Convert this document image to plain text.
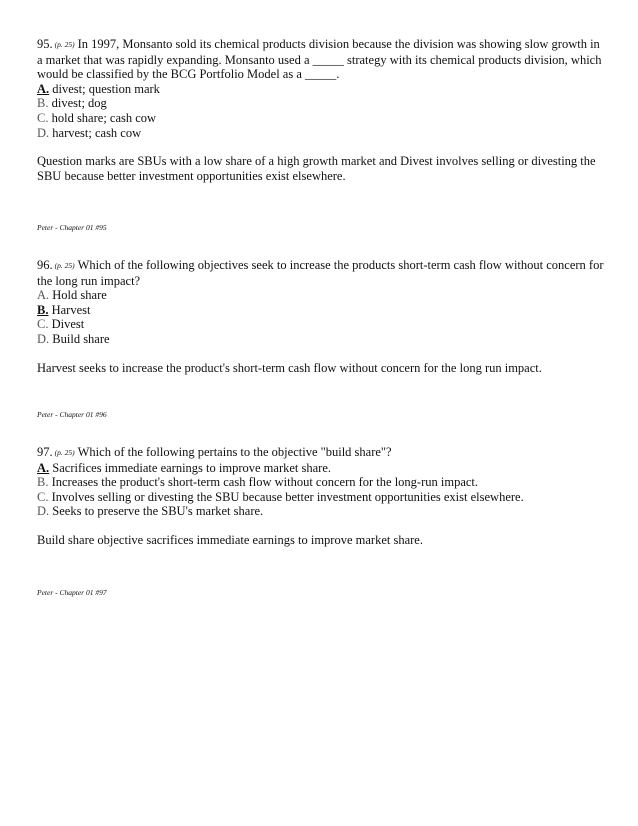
95. (p. 25) In 1997, Monsanto sold its chemical products division because the division was showing slow growth in a market that was rapidly expanding. Monsanto used a _____ strategy with its chemical products division, which would be classified by the BCG Portfolio Model as a _____.

A. divest; question mark

B. divest; dog

C. hold share; cash cow

D. harvest; cash cow

Question marks are SBUs with a low share of a high growth market and Divest involves selling or divesting the SBU because better investment opportunities exist elsewhere.

Peter - Chapter 01 #95

96. (p. 25) Which of the following objectives seek to increase the products short-term cash flow without concern for the long run impact?

A. Hold share

B. Harvest

C. Divest

D. Build share

Harvest seeks to increase the product's short-term cash flow without concern for the long run impact.

Peter - Chapter 01 #96

97. (p. 25) Which of the following pertains to the objective "build share"?

A. Sacrifices immediate earnings to improve market share.

B. Increases the product's short-term cash flow without concern for the long-run impact.

C. Involves selling or divesting the SBU because better investment opportunities exist elsewhere.

D. Seeks to preserve the SBU's market share.

Build share objective sacrifices immediate earnings to improve market share.

Peter - Chapter 01 #97
